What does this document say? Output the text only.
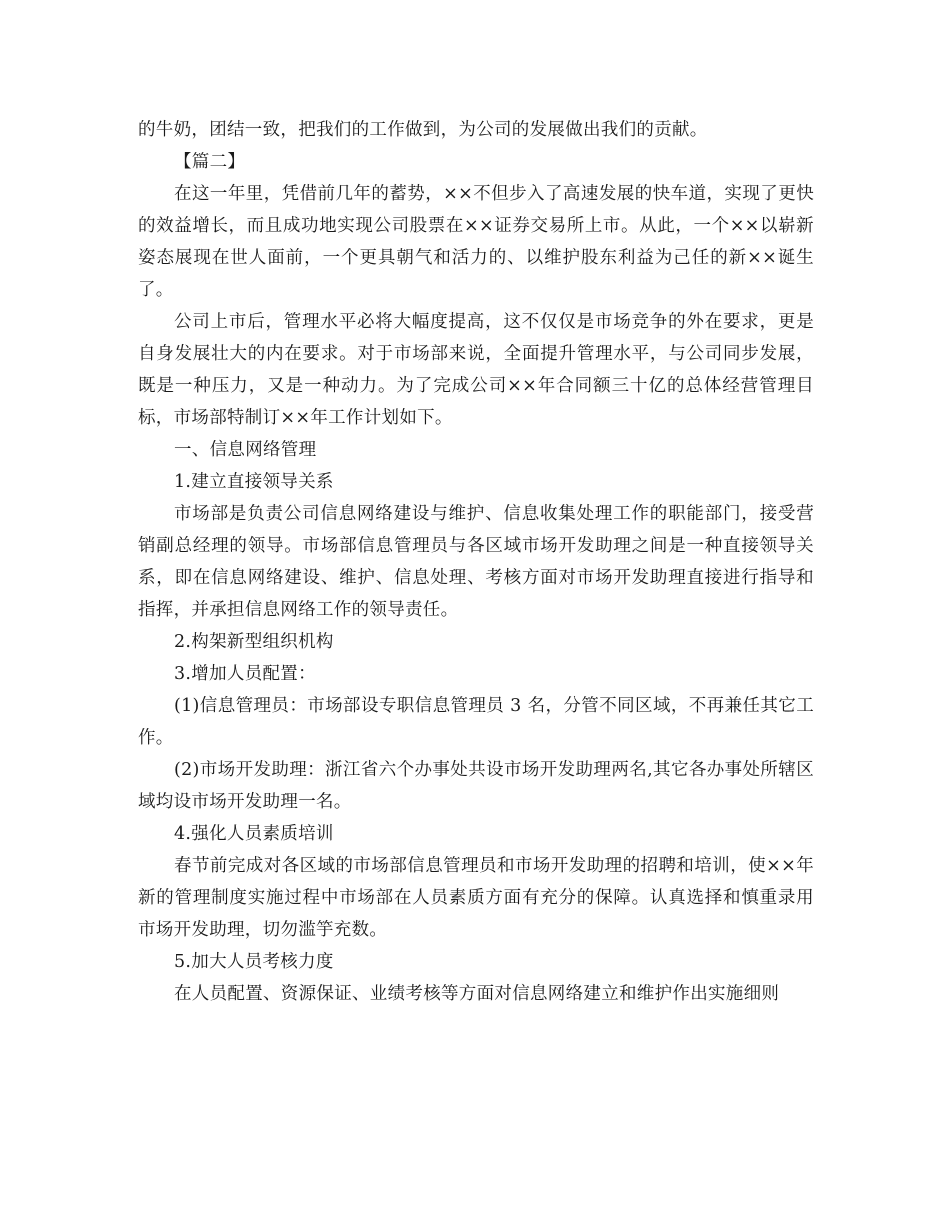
的牛奶，团结一致，把我们的工作做到，为公司的发展做出我们的贡献。

【篇二】

在这一年里，凭借前几年的蓄势，××不但步入了高速发展的快车道，实现了更快的效益增长，而且成功地实现公司股票在××证券交易所上市。从此，一个××以崭新姿态展现在世人面前，一个更具朝气和活力的、以维护股东利益为己任的新××诞生了。

公司上市后，管理水平必将大幅度提高，这不仅仅是市场竞争的外在要求，更是自身发展壮大的内在要求。对于市场部来说，全面提升管理水平，与公司同步发展，既是一种压力，又是一种动力。为了完成公司××年合同额三十亿的总体经营管理目标，市场部特制订××年工作计划如下。

一、信息网络管理

1.建立直接领导关系

市场部是负责公司信息网络建设与维护、信息收集处理工作的职能部门，接受营销副总经理的领导。市场部信息管理员与各区域市场开发助理之间是一种直接领导关系，即在信息网络建设、维护、信息处理、考核方面对市场开发助理直接进行指导和指挥，并承担信息网络工作的领导责任。

2.构架新型组织机构

3.增加人员配置：

(1)信息管理员：市场部设专职信息管理员 3 名，分管不同区域，不再兼任其它工作。

(2)市场开发助理：浙江省六个办事处共设市场开发助理两名,其它各办事处所辖区域均设市场开发助理一名。

4.强化人员素质培训

春节前完成对各区域的市场部信息管理员和市场开发助理的招聘和培训，使××年新的管理制度实施过程中市场部在人员素质方面有充分的保障。认真选择和慎重录用市场开发助理，切勿滥竽充数。

5.加大人员考核力度

在人员配置、资源保证、业绩考核等方面对信息网络建立和维护作出实施细则
